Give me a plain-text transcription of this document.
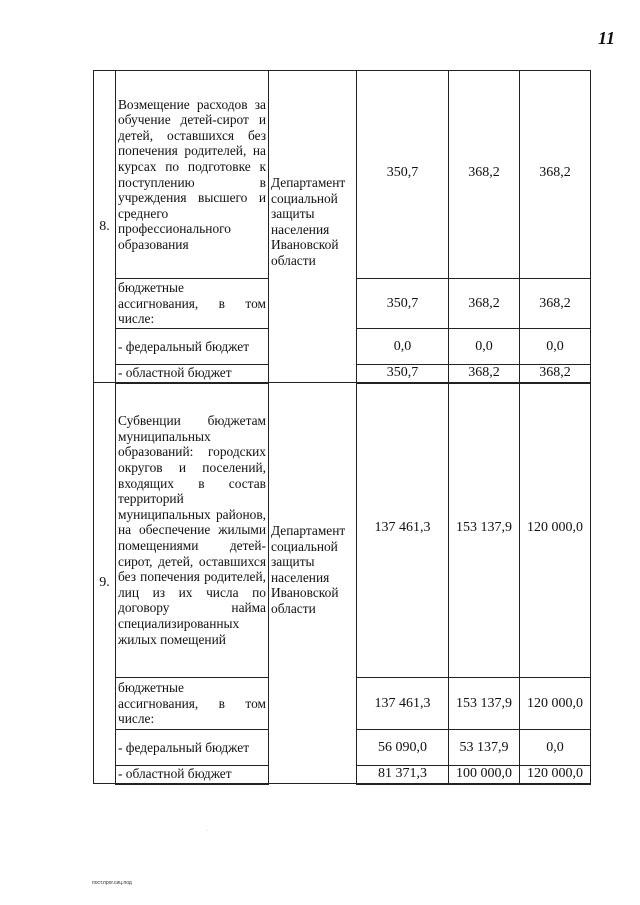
11
8.	Возмещение расходов за обучение детей-сирот и детей, оставшихся без попечения родителей, на курсах по подготовке к поступлению в учреждения высшего и среднего профессионального образования	Департамент социальной защиты населения Ивановской области	350,7	368,2	368,2
	бюджетные ассигнования, в том числе:		350,7	368,2	368,2
	- федеральный бюджет		0,0	0,0	0,0
	- областной бюджет		350,7	368,2	368,2
9.	Субвенции бюджетам муниципальных образований: городских округов и поселений, входящих в состав территорий муниципальных районов, на обеспечение жилыми помещениями детей-сирот, детей, оставшихся без попечения родителей, лиц из их числа по договору найма специализированных жилых помещений	Департамент социальной защиты населения Ивановской области	137 461,3	153 137,9	120 000,0
	бюджетные ассигнования, в том числе:		137 461,3	153 137,9	120 000,0
	- федеральный бюджет		56 090,0	53 137,9	0,0
	- областной бюджет		81 371,3	100 000,0	120 000,0
·
пост.прог.сиц.под
